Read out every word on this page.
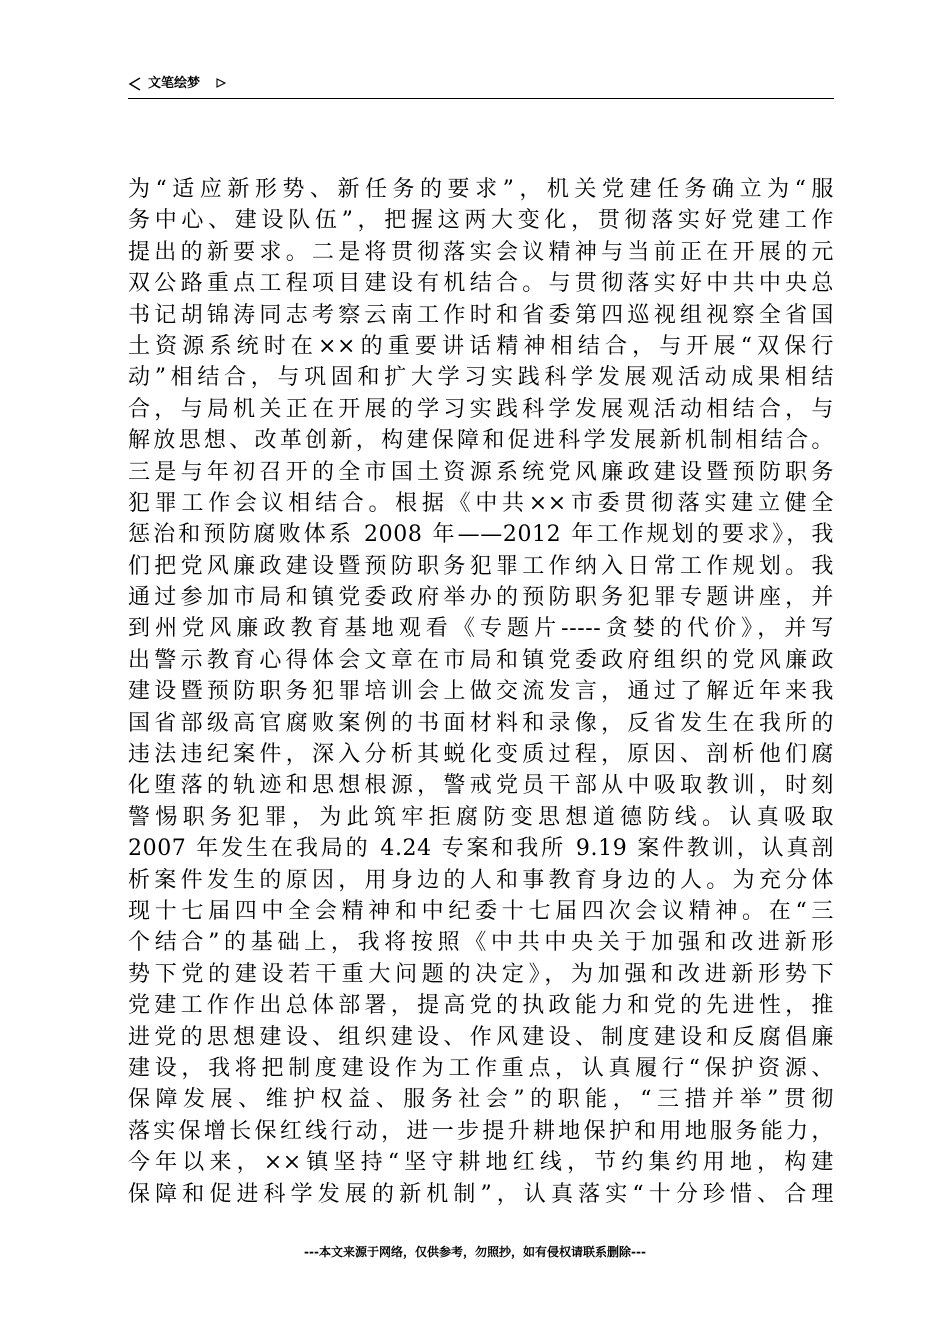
文笔绘梦
为“适应新形势、新任务的要求”，机关党建任务确立为“服
务中心、建设队伍”，把握这两大变化，贯彻落实好党建工作
提出的新要求。二是将贯彻落实会议精神与当前正在开展的元
双公路重点工程项目建设有机结合。与贯彻落实好中共中央总
书记胡锦涛同志考察云南工作时和省委第四巡视组视察全省国
土资源系统时在××的重要讲话精神相结合，与开展“双保行
动”相结合，与巩固和扩大学习实践科学发展观活动成果相结
合，与局机关正在开展的学习实践科学发展观活动相结合，与
解放思想、改革创新，构建保障和促进科学发展新机制相结合。
三是与年初召开的全市国土资源系统党风廉政建设暨预防职务
犯罪工作会议相结合。根据《中共××市委贯彻落实建立健全
惩治和预防腐败体系 2008 年——2012 年工作规划的要求》，我
们把党风廉政建设暨预防职务犯罪工作纳入日常工作规划。我
通过参加市局和镇党委政府举办的预防职务犯罪专题讲座，并
到州党风廉政教育基地观看《专题片-----贪婪的代价》，并写
出警示教育心得体会文章在市局和镇党委政府组织的党风廉政
建设暨预防职务犯罪培训会上做交流发言，通过了解近年来我
国省部级高官腐败案例的书面材料和录像，反省发生在我所的
违法违纪案件，深入分析其蜕化变质过程，原因、剖析他们腐
化堕落的轨迹和思想根源，警戒党员干部从中吸取教训，时刻
警惕职务犯罪，为此筑牢拒腐防变思想道德防线。认真吸取
2007 年发生在我局的 4.24 专案和我所 9.19 案件教训，认真剖
析案件发生的原因，用身边的人和事教育身边的人。为充分体
现十七届四中全会精神和中纪委十七届四次会议精神。在“三
个结合”的基础上，我将按照《中共中央关于加强和改进新形
势下党的建设若干重大问题的决定》，为加强和改进新形势下
党建工作作出总体部署，提高党的执政能力和党的先进性，推
进党的思想建设、组织建设、作风建设、制度建设和反腐倡廉
建设，我将把制度建设作为工作重点，认真履行“保护资源、
保障发展、维护权益、服务社会”的职能，“三措并举”贯彻
落实保增长保红线行动，进一步提升耕地保护和用地服务能力，
今年以来，××镇坚持“坚守耕地红线，节约集约用地，构建
保障和促进科学发展的新机制”，认真落实“十分珍惜、合理
---本文来源于网络，仅供参考，勿照抄，如有侵权请联系删除---
